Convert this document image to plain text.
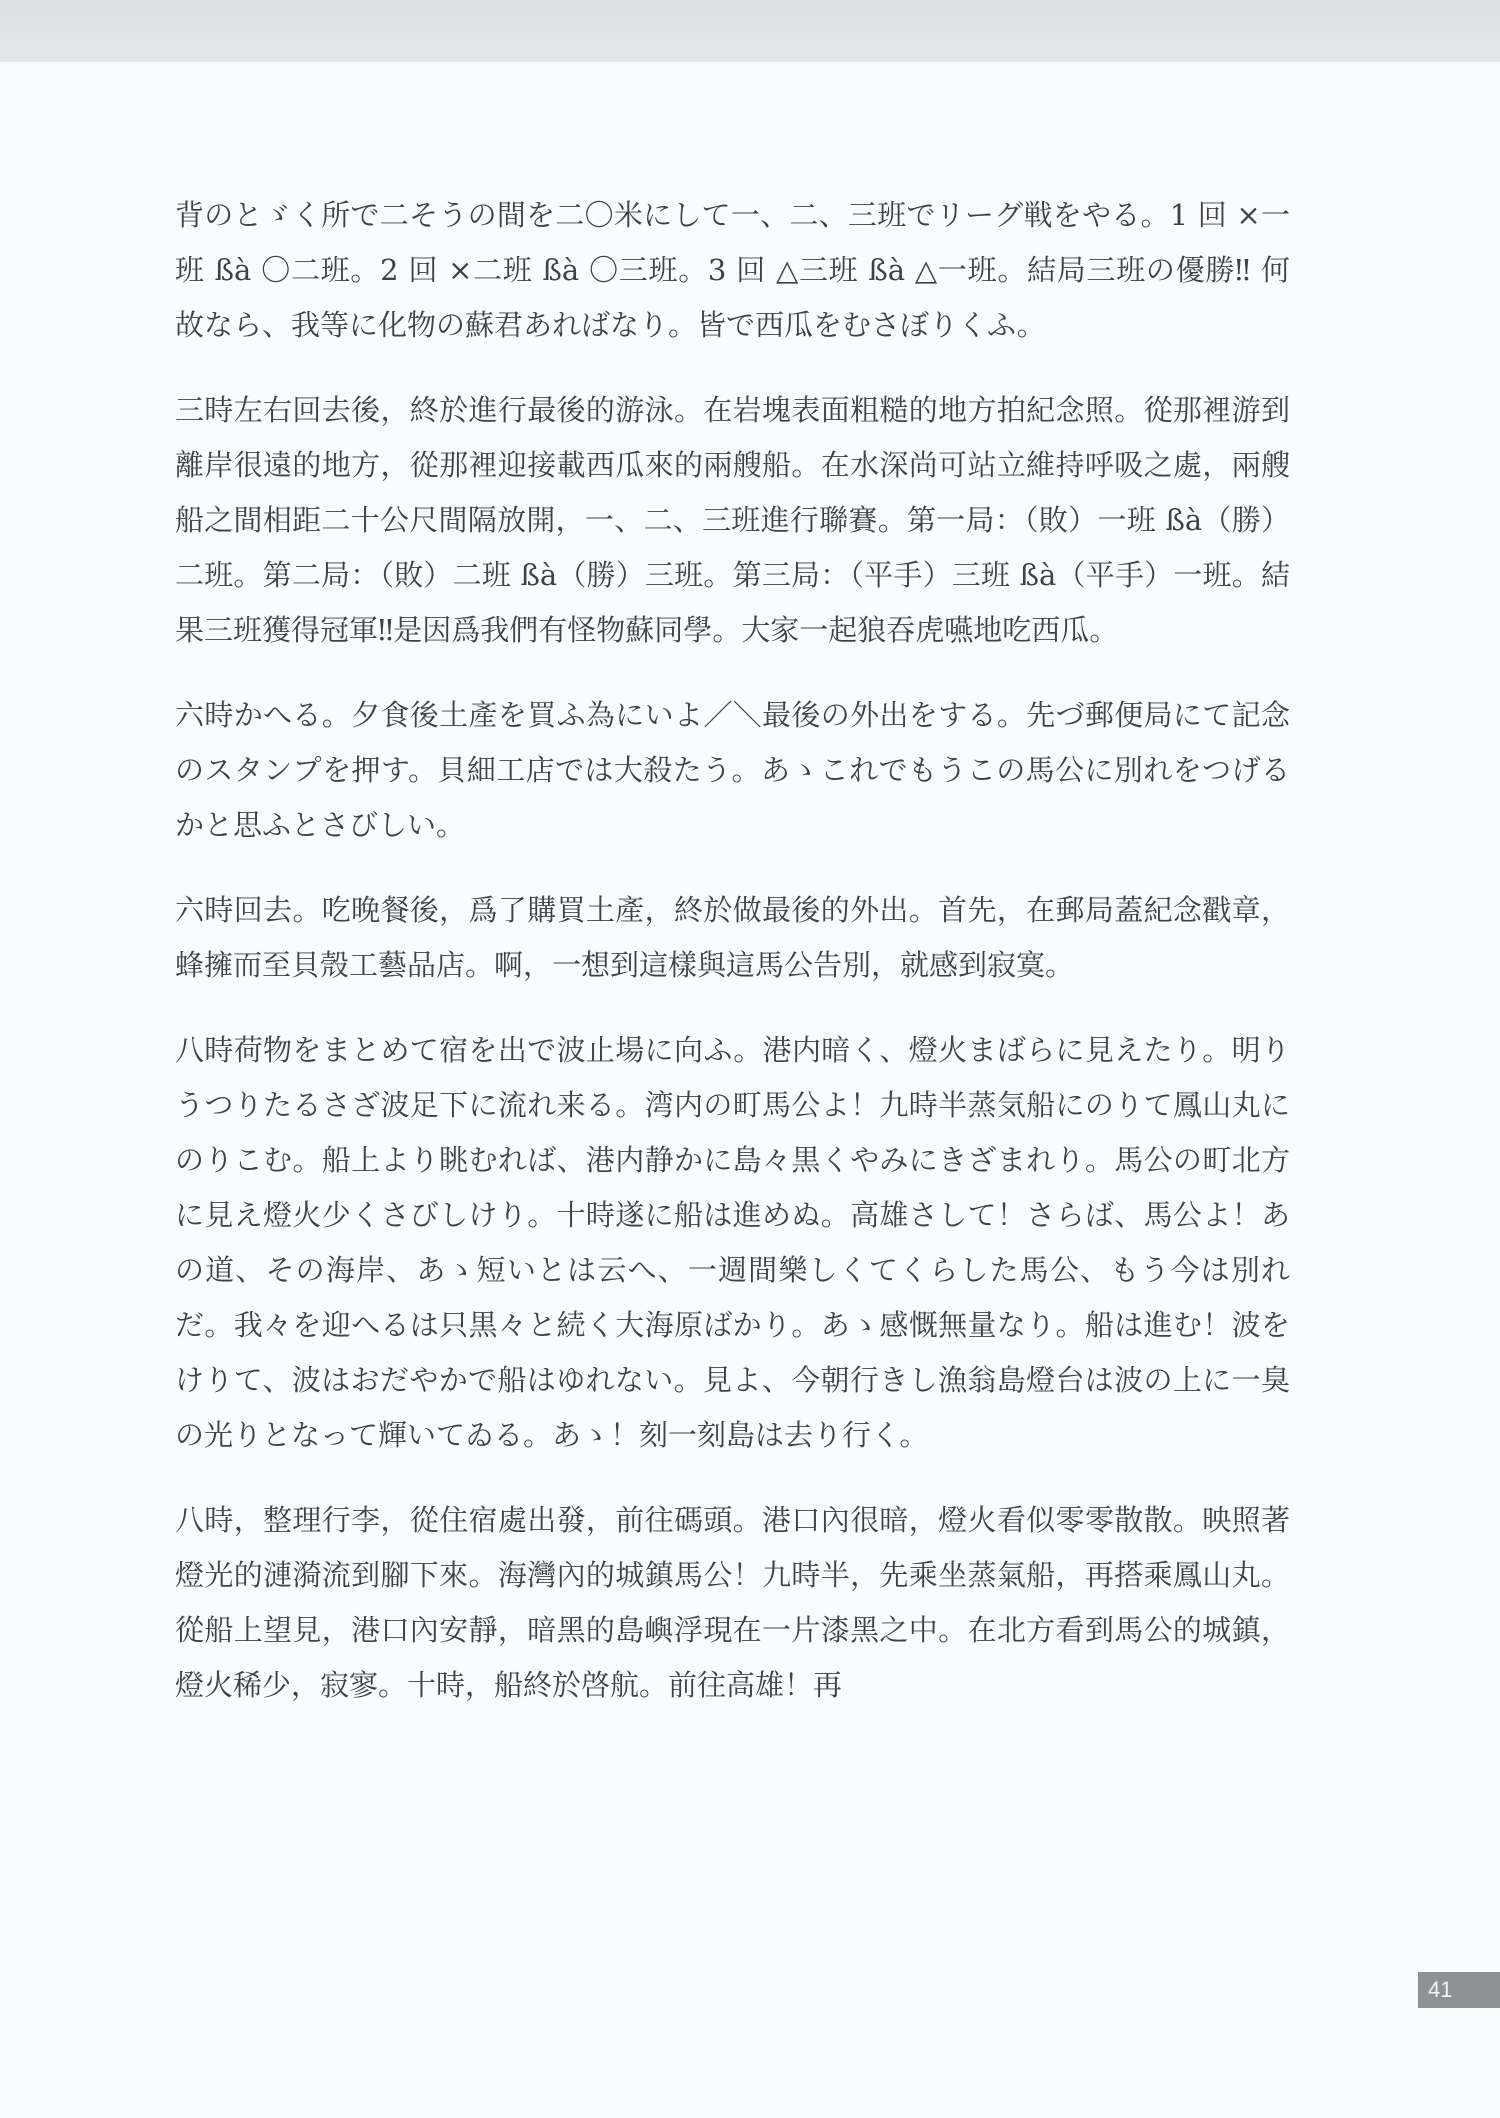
背のとゞく所で二そうの間を二〇米にして一、二、三班でリーグ戦をやる。1 回 ×一班 ßà 〇二班。2 回 ×二班 ßà 〇三班。3 回 △三班 ßà △一班。結局三班の優勝‼ 何故なら、我等に化物の蘇君あればなり。皆で西瓜をむさぼりくふ。

三時左右回去後，終於進行最後的游泳。在岩塊表面粗糙的地方拍紀念照。從那裡游到離岸很遠的地方，從那裡迎接載西瓜來的兩艘船。在水深尚可站立維持呼吸之處，兩艘船之間相距二十公尺間隔放開，一、二、三班進行聯賽。第一局：（敗）一班 ßà（勝）二班。第二局：（敗）二班 ßà（勝）三班。第三局：（平手）三班 ßà（平手）一班。結果三班獲得冠軍‼是因爲我們有怪物蘇同學。大家一起狼吞虎嚥地吃西瓜。

六時かへる。夕食後土產を買ふ為にいよ／＼最後の外出をする。先づ郵便局にて記念のスタンプを押す。貝細工店では大殺たう。あゝこれでもうこの馬公に別れをつげるかと思ふとさびしい。

六時回去。吃晚餐後，爲了購買土產，終於做最後的外出。首先，在郵局蓋紀念戳章，蜂擁而至貝殼工藝品店。啊，一想到這樣與這馬公告別，就感到寂寞。

八時荷物をまとめて宿を出で波止場に向ふ。港内暗く、燈火まばらに見えたり。明りうつりたるさざ波足下に流れ来る。湾内の町馬公よ！九時半蒸気船にのりて鳳山丸にのりこむ。船上より眺むれば、港内静かに島々黒くやみにきざまれり。馬公の町北方に見え燈火少くさびしけり。十時遂に船は進めぬ。高雄さして！さらば、馬公よ！あの道、その海岸、あゝ短いとは云へ、一週間樂しくてくらした馬公、もう今は別れだ。我々を迎へるは只黒々と続く大海原ばかり。あゝ感慨無量なり。船は進む！波をけりて、波はおだやかで船はゆれない。見よ、今朝行きし漁翁島燈台は波の上に一臭の光りとなって輝いてゐる。あゝ！刻一刻島は去り行く。

八時，整理行李，從住宿處出發，前往碼頭。港口內很暗，燈火看似零零散散。映照著燈光的漣漪流到腳下來。海灣內的城鎮馬公！九時半，先乘坐蒸氣船，再搭乘鳳山丸。從船上望見，港口內安靜，暗黑的島嶼浮現在一片漆黑之中。在北方看到馬公的城鎮，燈火稀少，寂寥。十時，船終於啓航。前往高雄！再

41
